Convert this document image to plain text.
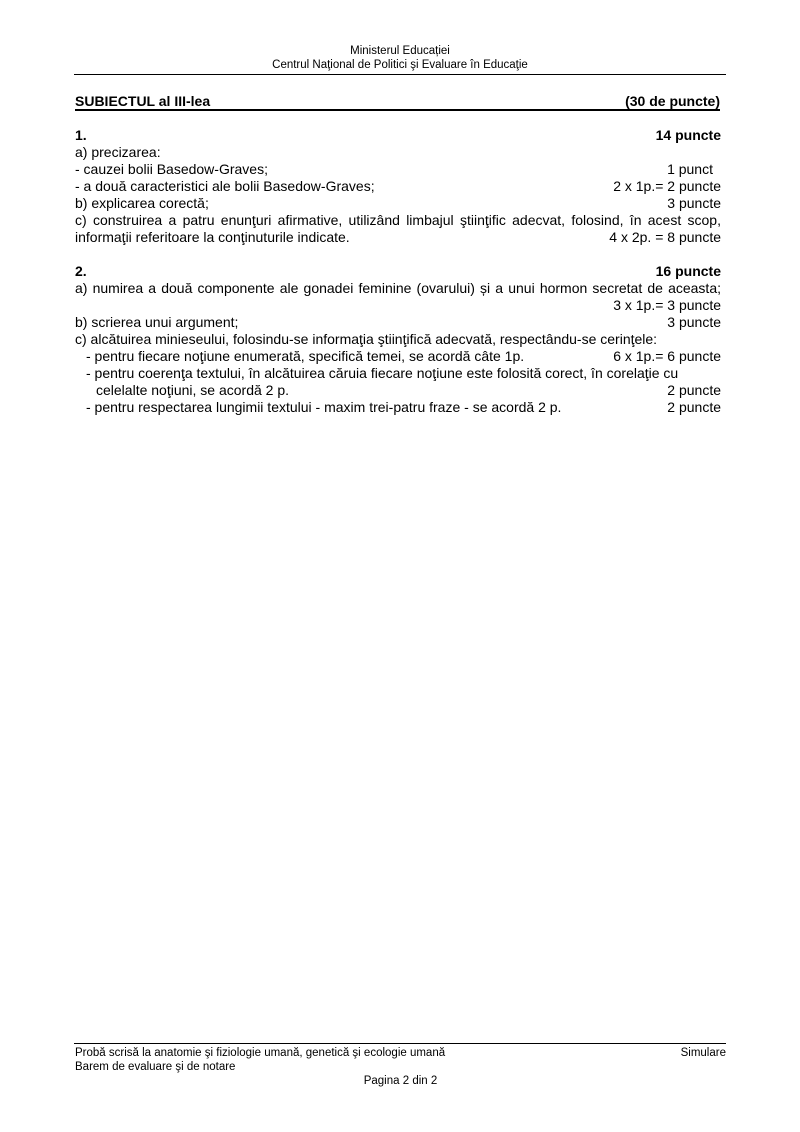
Ministerul Educației
Centrul Naţional de Politici şi Evaluare în Educaţie
SUBIECTUL al III-lea	(30 de puncte)
1.	14 puncte
a) precizarea:
- cauzei bolii Basedow-Graves;	1 punct
- a două caracteristici ale bolii Basedow-Graves;	2 x 1p.= 2 puncte
b) explicarea corectă;	3 puncte
c) construirea a patru enunţuri afirmative, utilizând limbajul ştiinţific adecvat, folosind, în acest scop,
informaţii referitoare la conţinuturile indicate.	4 x 2p. = 8 puncte
2.	16 puncte
a) numirea a două componente ale gonadei feminine (ovarului) și a unui hormon secretat de aceasta;
3 x 1p.= 3 puncte
b) scrierea unui argument;	3 puncte
c) alcătuirea minieseului, folosindu-se informaţia ştiinţifică adecvată, respectându-se cerinţele:
- pentru fiecare noţiune enumerată, specifică temei, se acordă câte 1p.	6 x 1p.= 6 puncte
- pentru coerenţa textului, în alcătuirea căruia fiecare noţiune este folosită corect, în corelaţie cu
celelalte noţiuni, se acordă 2 p.	2 puncte
- pentru respectarea lungimii textului - maxim trei-patru fraze - se acordă 2 p.	2 puncte
Probă scrisă la anatomie şi fiziologie umană, genetică şi ecologie umană	Simulare
Barem de evaluare şi de notare
Pagina 2 din 2
